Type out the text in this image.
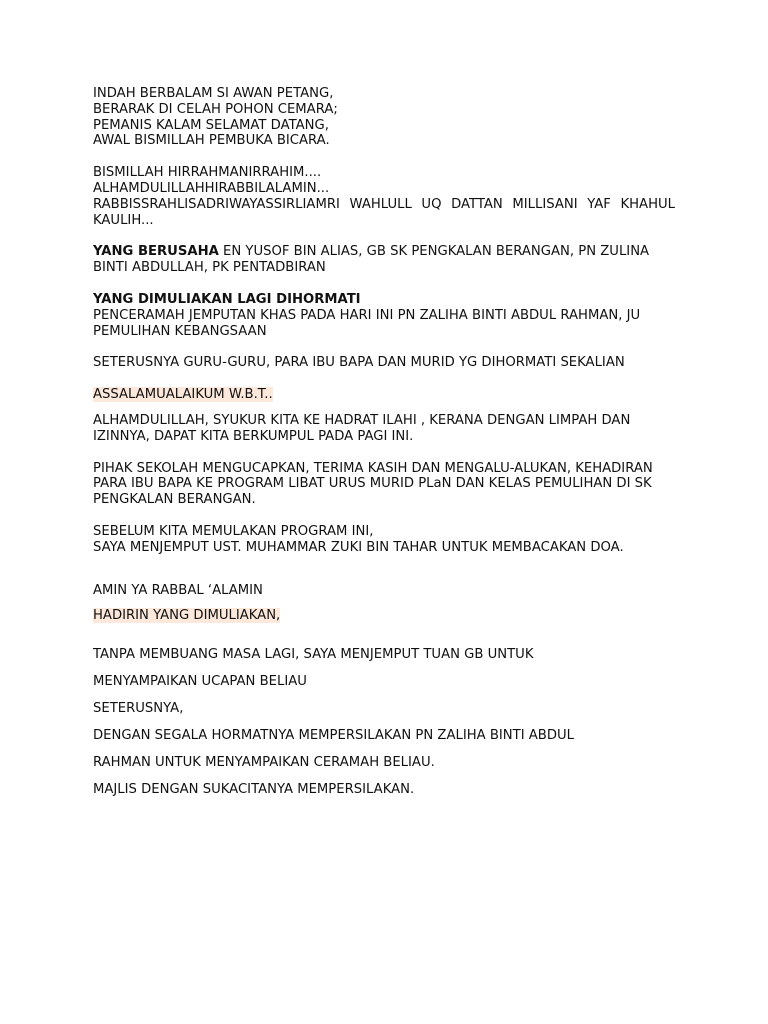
INDAH BERBALAM SI AWAN PETANG,
BERARAK DI CELAH POHON CEMARA;
PEMANIS KALAM SELAMAT DATANG,
AWAL BISMILLAH PEMBUKA BICARA.
BISMILLAH HIRRAHMANIRRAHIM....
ALHAMDULILLAHHIRABBILALAMIN...
RABBISSRAHLISADRIWAYASSIRLIAMRI WAHLULL UQ DATTAN MILLISANI YAF KHAHUL KAULIH...
YANG BERUSAHA EN YUSOF BIN ALIAS, GB SK PENGKALAN BERANGAN, PN ZULINA BINTI ABDULLAH, PK PENTADBIRAN
YANG DIMULIAKAN LAGI DIHORMATI
PENCERAMAH JEMPUTAN KHAS PADA HARI INI PN ZALIHA BINTI ABDUL RAHMAN, JU PEMULIHAN KEBANGSAAN
SETERUSNYA GURU-GURU, PARA IBU BAPA DAN MURID YG DIHORMATI SEKALIAN
ASSALAMUALAIKUM W.B.T..
ALHAMDULILLAH, SYUKUR KITA KE HADRAT ILAHI , KERANA DENGAN LIMPAH DAN IZINNYA, DAPAT KITA BERKUMPUL PADA PAGI INI.
PIHAK SEKOLAH MENGUCAPKAN, TERIMA KASIH DAN MENGALU-ALUKAN, KEHADIRAN PARA IBU BAPA KE PROGRAM LIBAT URUS MURID PLaN DAN KELAS PEMULIHAN DI SK PENGKALAN BERANGAN.
SEBELUM KITA MEMULAKAN PROGRAM INI,
SAYA MENJEMPUT UST. MUHAMMAR ZUKI BIN TAHAR UNTUK MEMBACAKAN DOA.
AMIN YA RABBAL ‘ALAMIN
HADIRIN YANG DIMULIAKAN,
TANPA MEMBUANG MASA LAGI, SAYA MENJEMPUT TUAN GB UNTUK
MENYAMPAIKAN UCAPAN BELIAU
SETERUSNYA,
DENGAN SEGALA HORMATNYA MEMPERSILAKAN PN ZALIHA BINTI ABDUL
RAHMAN UNTUK MENYAMPAIKAN CERAMAH BELIAU.
MAJLIS DENGAN SUKACITANYA MEMPERSILAKAN.
